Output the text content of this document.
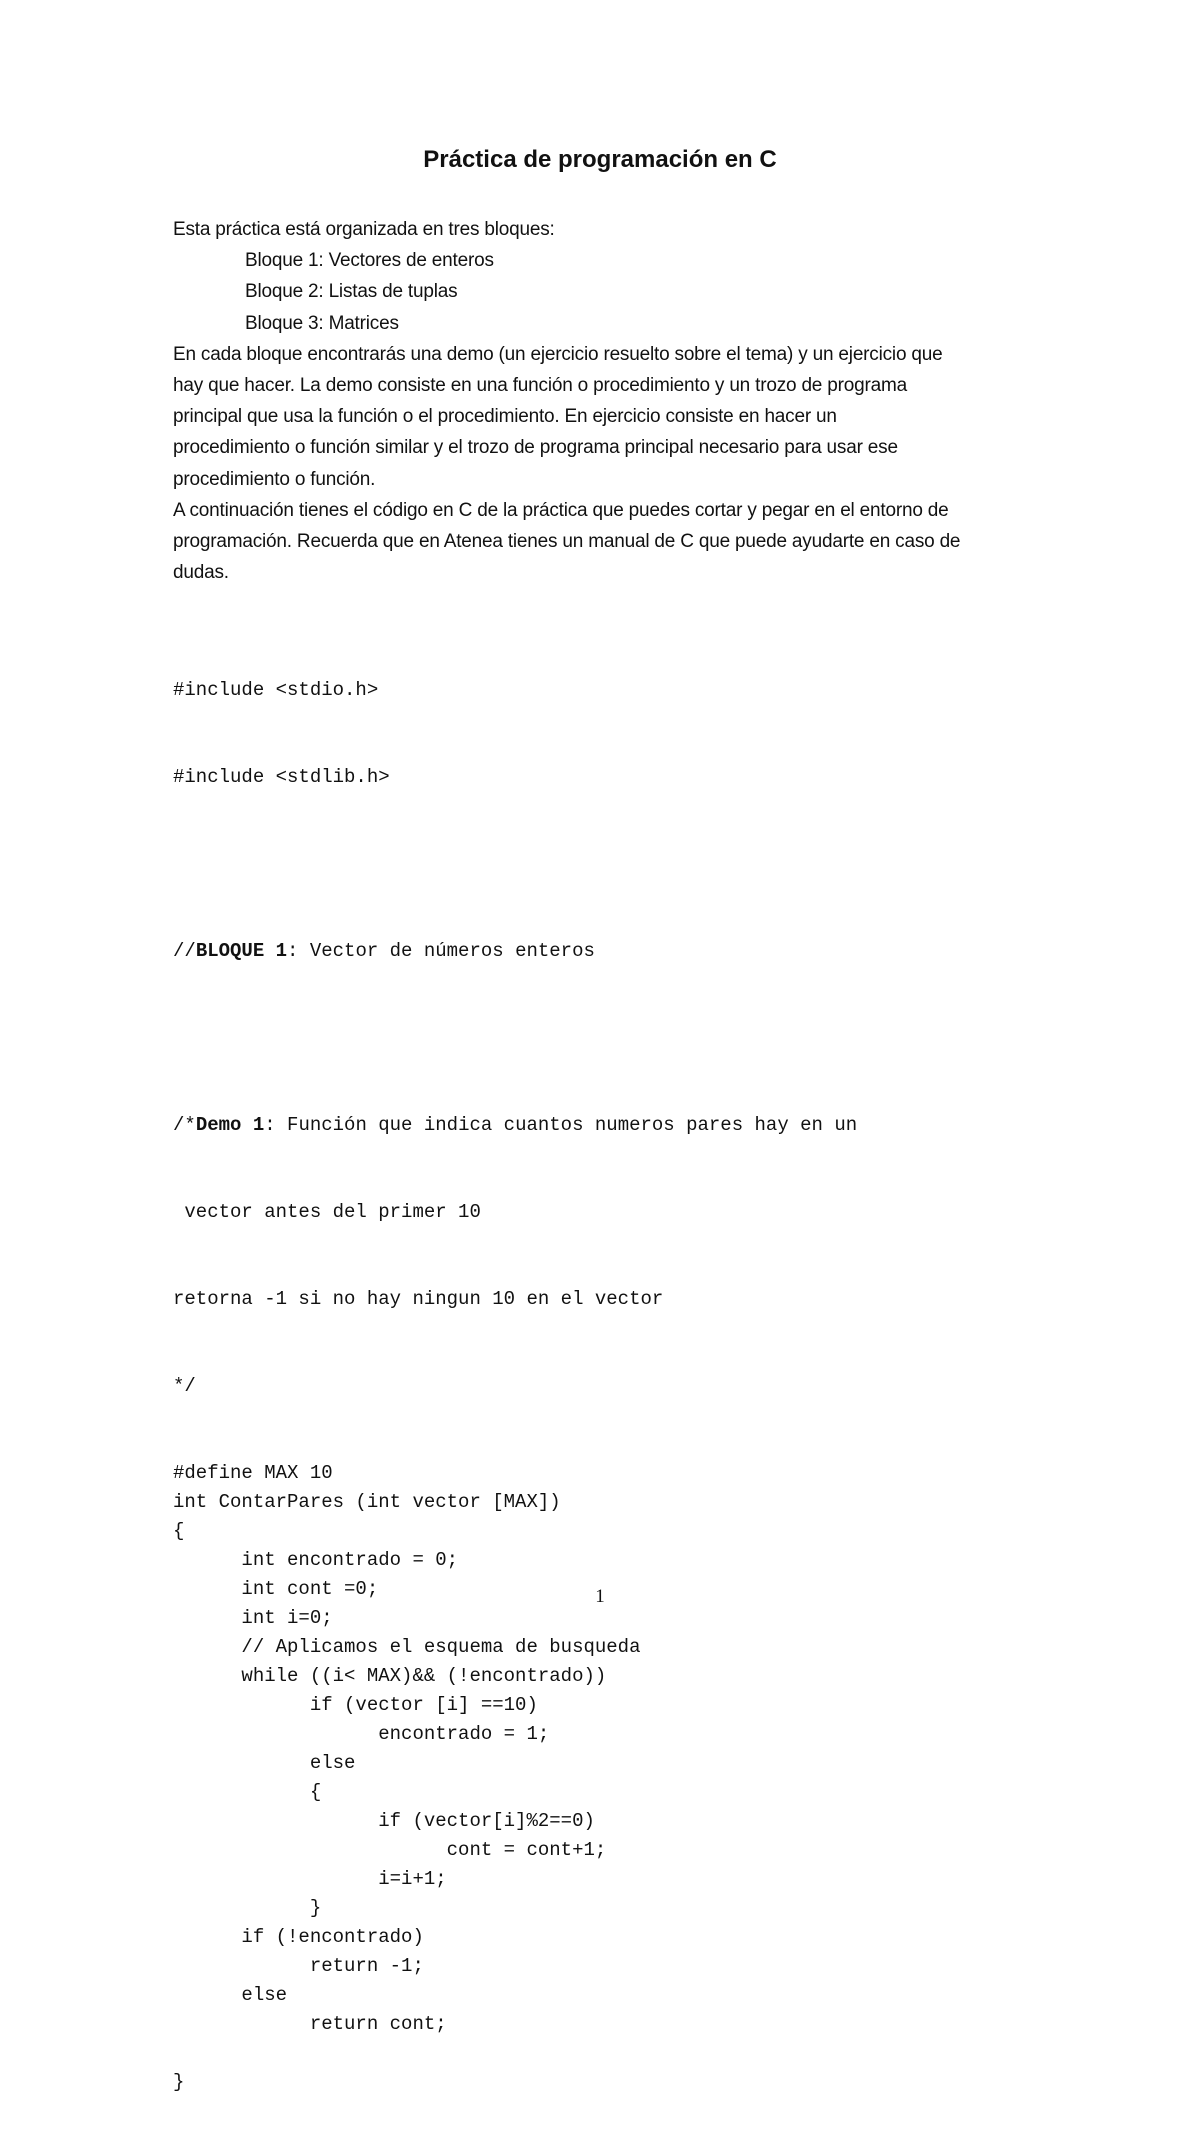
Práctica de programación en C
Esta práctica está organizada en tres bloques:
Bloque 1: Vectores de enteros
Bloque 2: Listas de tuplas
Bloque 3: Matrices
En cada bloque encontrarás una demo (un ejercicio resuelto sobre el tema) y un ejercicio que
hay que hacer. La demo consiste en una función o procedimiento y un trozo de programa
principal que usa la función o el procedimiento. En ejercicio consiste en hacer un
procedimiento o función similar y el trozo de programa principal necesario para usar ese
procedimiento o función.
A continuación tienes el código en C de la práctica que puedes cortar y pegar en el entorno de
programación. Recuerda que en Atenea tienes un manual de C que puede ayudarte en caso de
dudas.

#include <stdio.h>

#include <stdlib.h>

//BLOQUE 1: Vector de números enteros

/*Demo 1: Función que indica cuantos numeros pares hay en un

vector antes del primer 10

retorna -1 si no hay ningun 10 en el vector

*/

#define MAX 10
int ContarPares (int vector [MAX])
{
int encontrado = 0;
int cont =0;
int i=0;
// Aplicamos el esquema de busqueda
while ((i< MAX)&& (!encontrado))
if (vector [i] ==10)
encontrado = 1;
else
{
if (vector[i]%2==0)
cont = cont+1;
i=i+1;
}
if (!encontrado)
return -1;
else
return cont;
}

1
